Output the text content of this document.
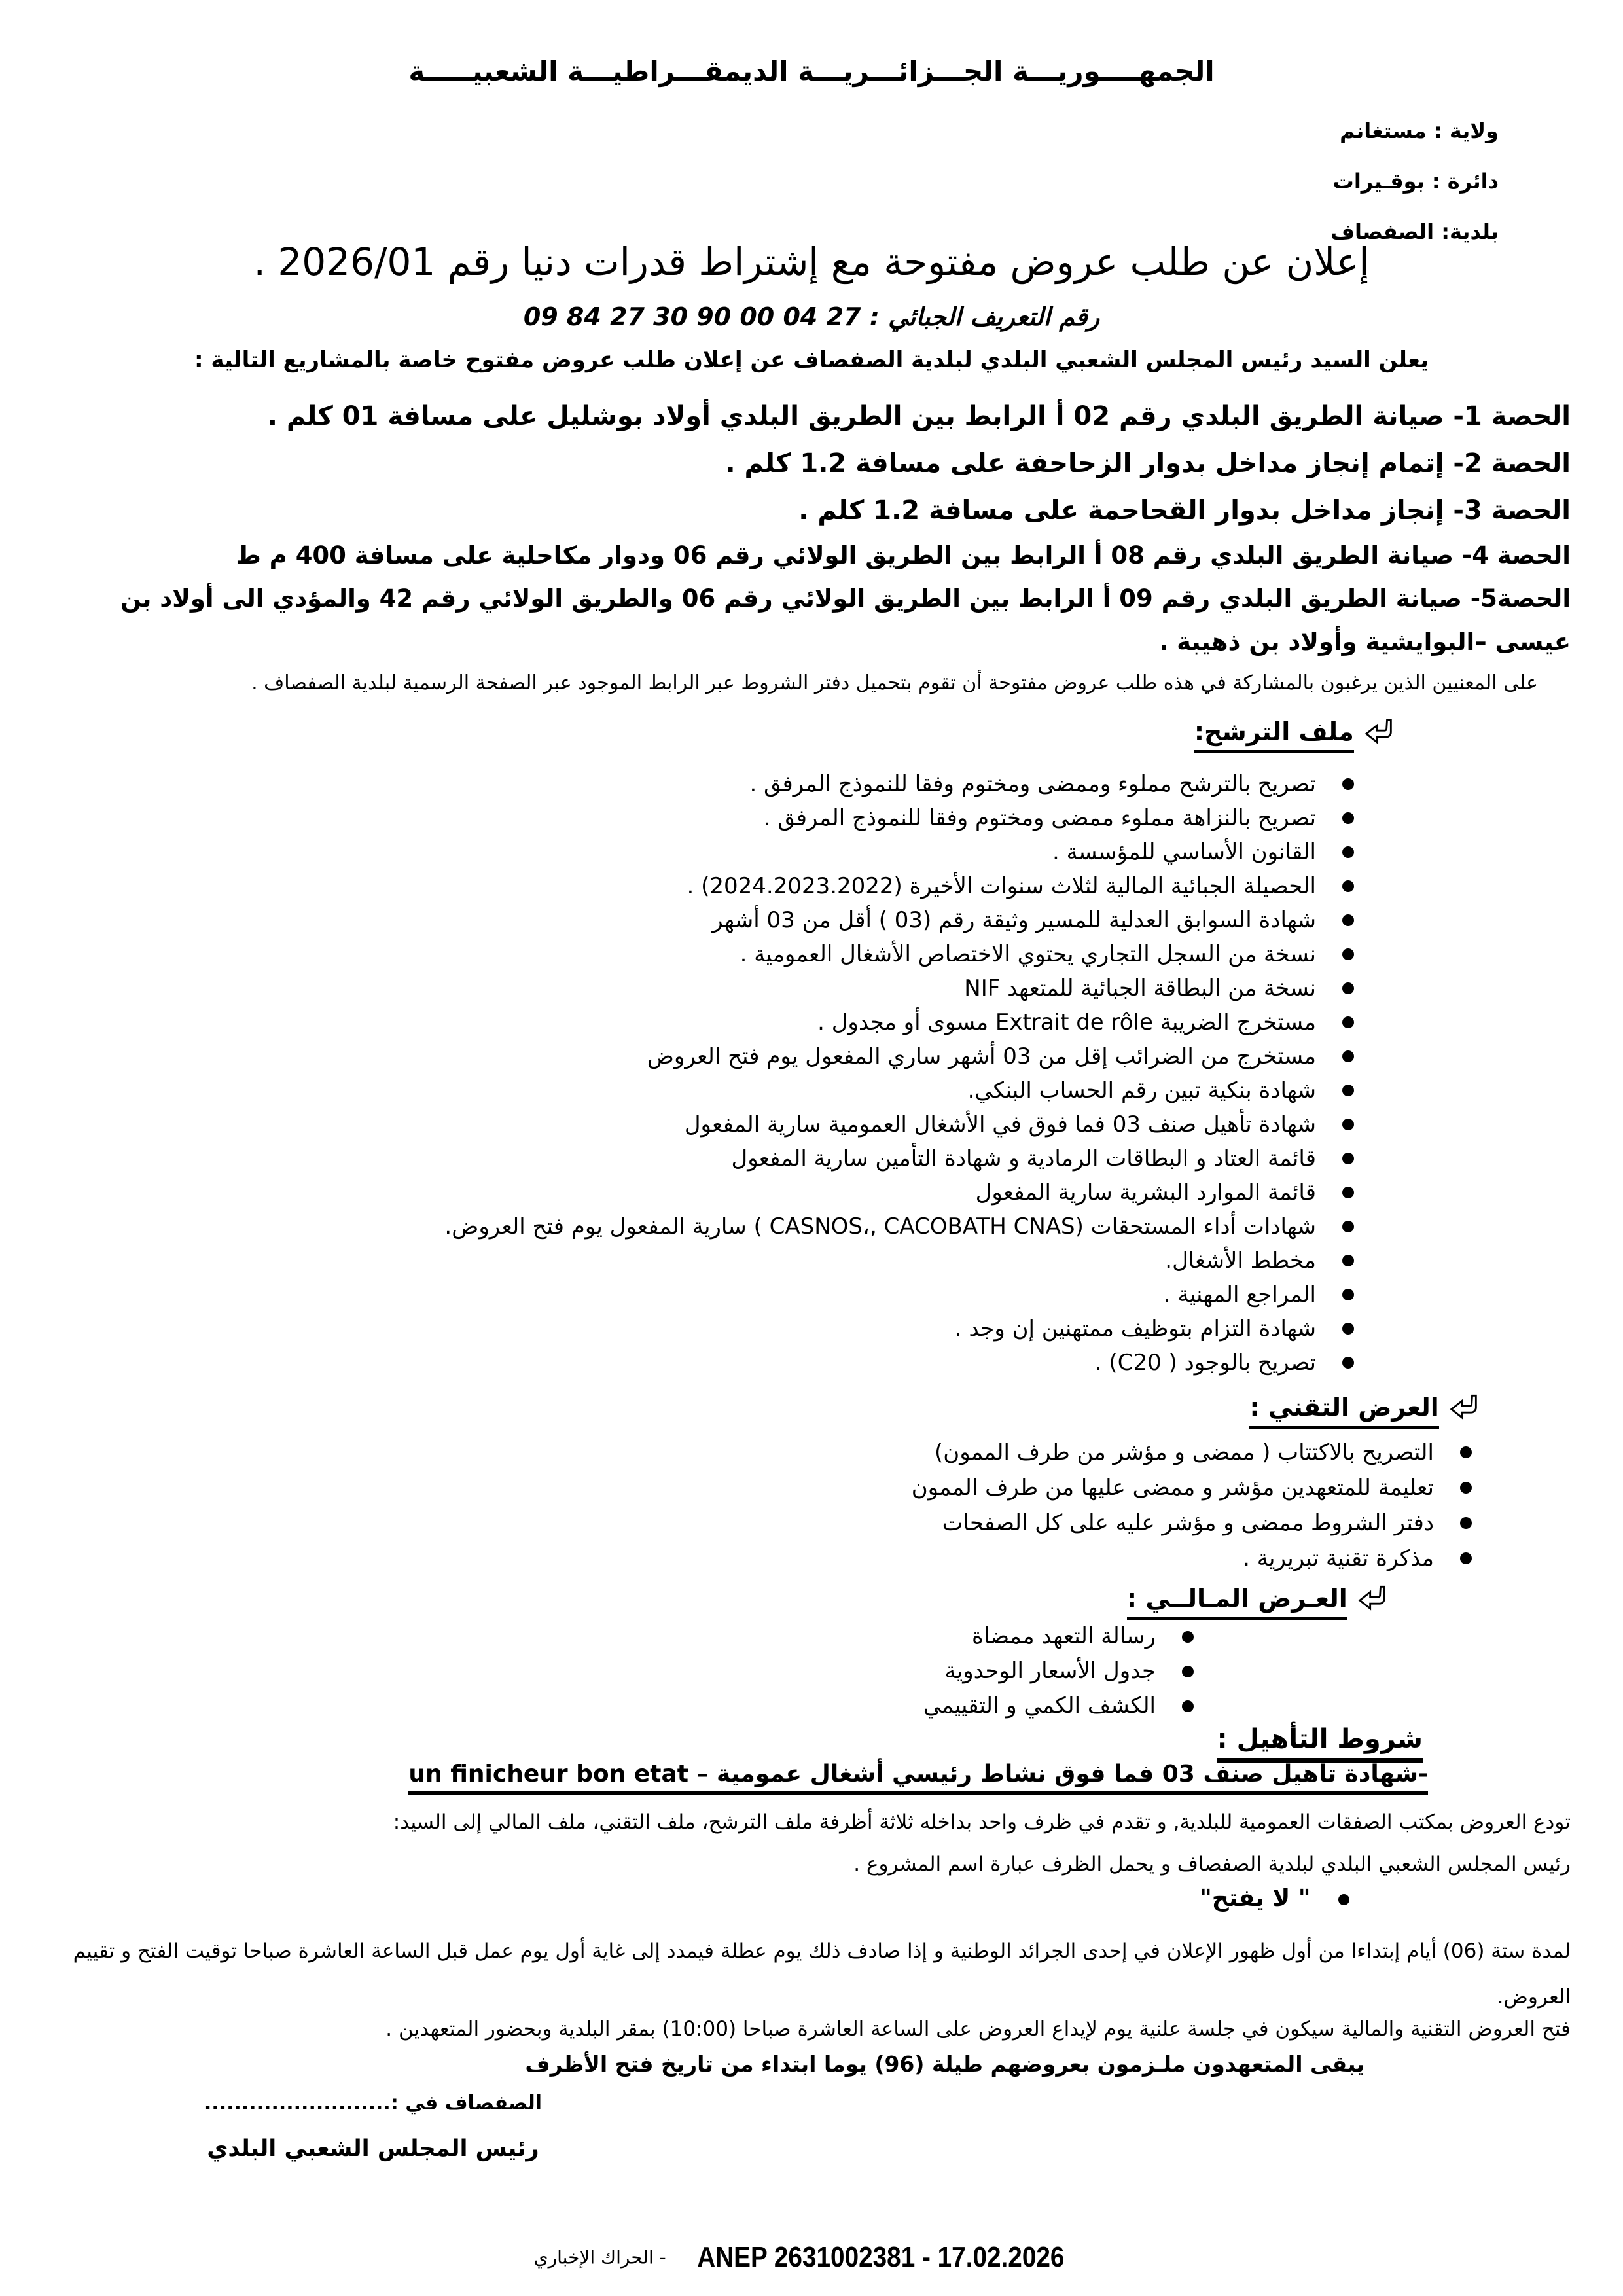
الجمهــــوريـــة الجـــزائـــريـــة الديمقـــراطيـــة الشعبيـــــة
ولاية : مستغانم
دائرة : بوقـيرات
بلدية: الصفصاف
إعلان عن طلب عروض مفتوحة مع إشتراط قدرات دنيا رقم 2026/01 .
رقم التعريف الجبائي : 09 84 27 30 90 00 04 27
يعلن السيد رئيس المجلس الشعبي البلدي لبلدية الصفصاف عن إعلان طلب عروض مفتوح خاصة بالمشاريع التالية :
الحصة 1- صيانة الطريق البلدي رقم 02 أ الرابط بين الطريق البلدي أولاد بوشليل على مسافة 01 كلم .
الحصة 2- إتمام إنجاز مداخل بدوار الزحاحفة على مسافة 1.2 كلم .
الحصة 3- إنجاز مداخل بدوار القحاحمة على مسافة 1.2 كلم .
الحصة 4- صيانة الطريق البلدي رقم 08 أ الرابط بين الطريق الولائي رقم 06 ودوار مكاحلية على مسافة 400 م ط
الحصة5- صيانة الطريق البلدي رقم 09 أ الرابط بين الطريق الولائي رقم 06 والطريق الولائي رقم 42 والمؤدي الى أولاد بن عيسى –البوايشية وأولاد بن ذهيبة .
على المعنيين الذين يرغبون بالمشاركة في هذه طلب عروض مفتوحة أن تقوم بتحميل دفتر الشروط عبر الرابط الموجود عبر الصفحة الرسمية لبلدية الصفصاف .
ملف الترشح:
تصريح بالترشح مملوء وممضى ومختوم وفقا للنموذج المرفق .
تصريح بالنزاهة مملوء ممضى ومختوم وفقا للنموذج المرفق .
القانون الأساسي للمؤسسة .
الحصيلة الجبائية المالية لثلاث سنوات الأخيرة (2024.2023.2022) .
شهادة السوابق العدلية للمسير وثيقة رقم (03 ) أقل من 03 أشهر
نسخة من السجل التجاري يحتوي الاختصاص الأشغال العمومية .
نسخة من البطاقة الجبائية للمتعهد NIF
مستخرج الضريبة Extrait de rôle مسوى أو مجدول .
مستخرج من الضرائب إقل من 03 أشهر ساري المفعول يوم فتح العروض
شهادة بنكية تبين رقم الحساب البنكي.
شهادة تأهيل صنف 03 فما فوق في الأشغال العمومية سارية المفعول
قائمة العتاد و البطاقات الرمادية و شهادة التأمين سارية المفعول
قائمة الموارد البشرية سارية المفعول
شهادات أداء المستحقات (CASNOS،, CACOBATH CNAS ) سارية المفعول يوم فتح العروض.
مخطط الأشغال.
المراجع المهنية .
شهادة التزام بتوظيف ممتهنين إن وجد .
تصريح بالوجود ( C20) .
العرض التقني :
التصريح بالاكتتاب ( ممضى و مؤشر من طرف الممون)
تعليمة للمتعهدين مؤشر و ممضى عليها من طرف الممون
دفتر الشروط ممضى و مؤشر عليه على كل الصفحات
مذكرة تقنية تبريرية .
العـرض المـالــي :
رسالة التعهد ممضاة
جدول الأسعار الوحدوية
الكشف الكمي و التقييمي
شروط التأهيل :
-شهادة تأهيل صنف 03 فما فوق نشاط رئيسي أشغال عمومية – un finicheur bon etat
تودع العروض بمكتب الصفقات العمومية للبلدية, و تقدم في ظرف واحد بداخله ثلاثة أظرفة ملف الترشح، ملف التقني، ملف المالي إلى السيد:
رئيس المجلس الشعبي البلدي لبلدية الصفصاف و يحمل الظرف عبارة اسم المشروع .
" لا يفتح"
لمدة ستة (06) أيام إبتداءا من أول ظهور الإعلان في إحدى الجرائد الوطنية و إذا صادف ذلك يوم عطلة فيمدد إلى غاية أول يوم عمل قبل الساعة العاشرة صباحا توقيت الفتح و تقييم العروض.
فتح العروض التقنية والمالية سيكون في جلسة علنية يوم لإيداع العروض على الساعة العاشرة صباحا (10:00) بمقر البلدية وبحضور المتعهدين .
يبقى المتعهدون ملـزمون بعروضهم طيلة (96) يوما ابتداء من تاريخ فتح الأظرف
الصفصاف في :.........................
رئيس المجلس الشعبي البلدي
ANEP 2631002381 - 17.02.2026 - الحراك الإخباري
